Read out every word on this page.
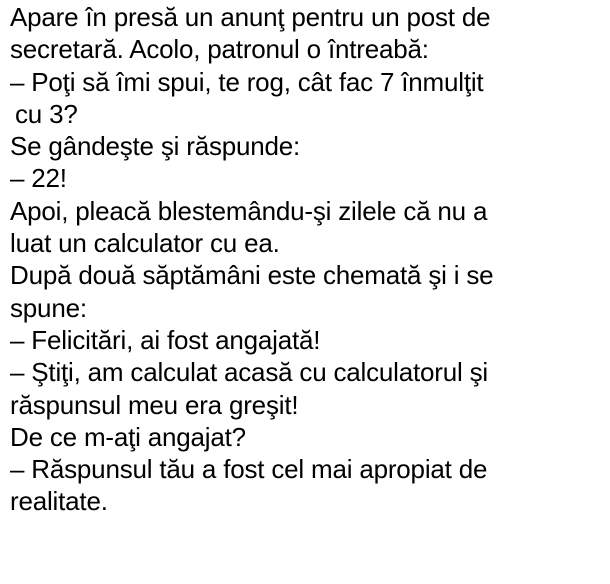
Apare în presă un anunţ pentru un post de
secretară. Acolo, patronul o întreabă:
– Poţi să îmi spui, te rog, cât fac 7 înmulţit
cu 3?
Se gândeşte şi răspunde:
– 22!
Apoi, pleacă blestemându-şi zilele că nu a
luat un calculator cu ea.
După două săptămâni este chemată şi i se
spune:
– Felicitări, ai fost angajată!
– Ştiţi, am calculat acasă cu calculatorul şi
răspunsul meu era greşit!
De ce m-aţi angajat?
– Răspunsul tău a fost cel mai apropiat de
realitate.
